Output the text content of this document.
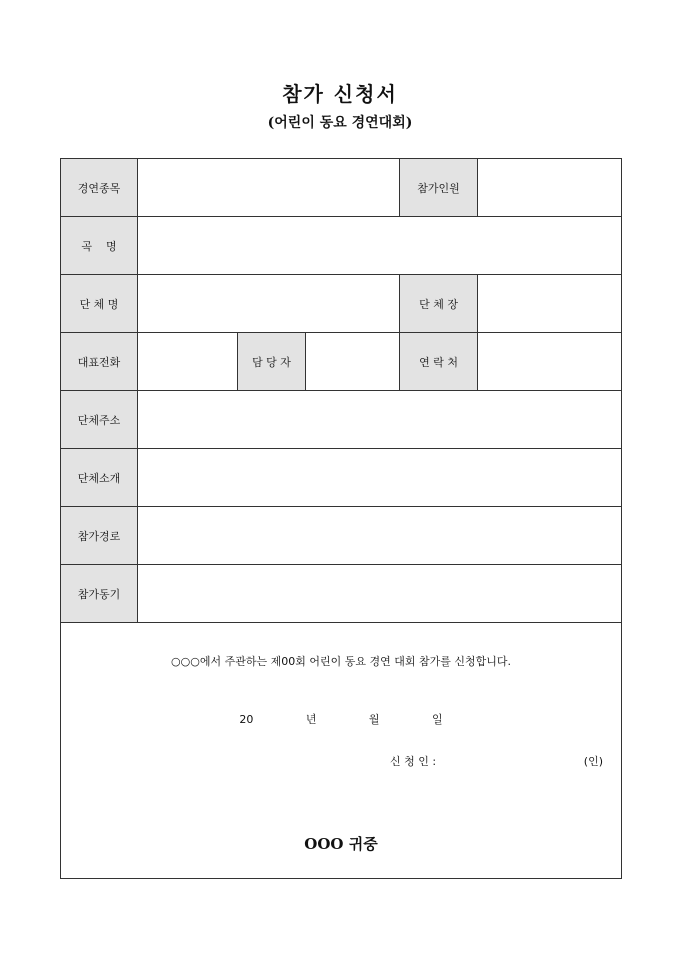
참가 신청서
(어린이 동요 경연대회)
경연종목				참가인원	
곡    명					
단 체 명				단 체 장	
대표전화		담 당 자		연 락 처	
단체주소					
단체소개					
참가경로					
참가동기					

○○○에서 주관하는 제00회 어린이 동요 경연 대회 참가를 신청합니다.
20   년   월   일
신 청 인 : (인)
OOO 귀중					
